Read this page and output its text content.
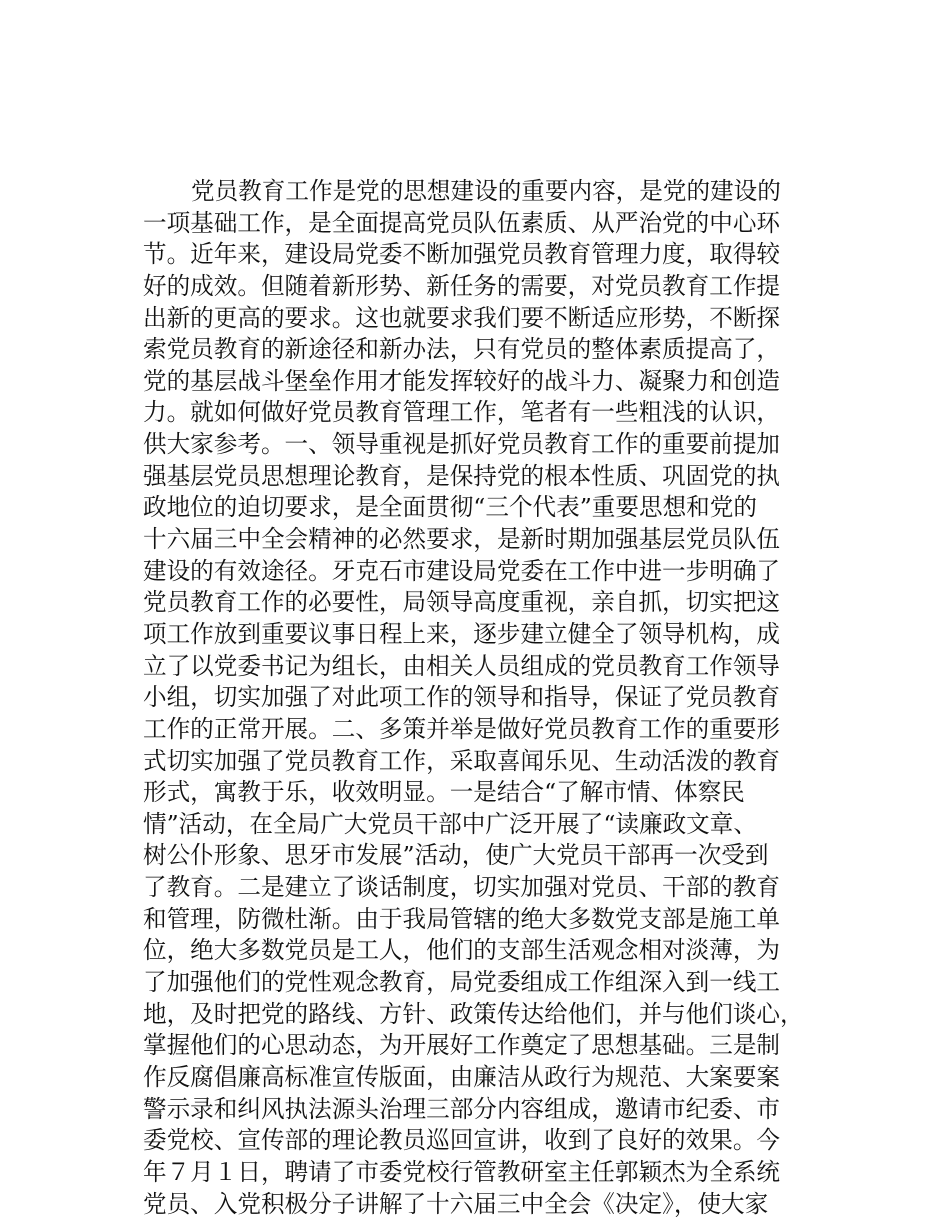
党员教育工作是党的思想建设的重要内容，是党的建设的
一项基础工作，是全面提高党员队伍素质、从严治党的中心环
节。近年来，建设局党委不断加强党员教育管理力度，取得较
好的成效。但随着新形势、新任务的需要，对党员教育工作提
出新的更高的要求。这也就要求我们要不断适应形势，不断探
索党员教育的新途径和新办法，只有党员的整体素质提高了，
党的基层战斗堡垒作用才能发挥较好的战斗力、凝聚力和创造
力。就如何做好党员教育管理工作，笔者有一些粗浅的认识，
供大家参考。一、领导重视是抓好党员教育工作的重要前提加
强基层党员思想理论教育，是保持党的根本性质、巩固党的执
政地位的迫切要求，是全面贯彻“三个代表”重要思想和党的
十六届三中全会精神的必然要求，是新时期加强基层党员队伍
建设的有效途径。牙克石市建设局党委在工作中进一步明确了
党员教育工作的必要性，局领导高度重视，亲自抓，切实把这
项工作放到重要议事日程上来，逐步建立健全了领导机构，成
立了以党委书记为组长，由相关人员组成的党员教育工作领导
小组，切实加强了对此项工作的领导和指导，保证了党员教育
工作的正常开展。二、多策并举是做好党员教育工作的重要形
式切实加强了党员教育工作，采取喜闻乐见、生动活泼的教育
形式，寓教于乐，收效明显。一是结合“了解市情、体察民
情”活动，在全局广大党员干部中广泛开展了“读廉政文章、
树公仆形象、思牙市发展”活动，使广大党员干部再一次受到
了教育。二是建立了谈话制度，切实加强对党员、干部的教育
和管理，防微杜渐。由于我局管辖的绝大多数党支部是施工单
位，绝大多数党员是工人，他们的支部生活观念相对淡薄，为
了加强他们的党性观念教育，局党委组成工作组深入到一线工
地，及时把党的路线、方针、政策传达给他们，并与他们谈心，
掌握他们的心思动态，为开展好工作奠定了思想基础。三是制
作反腐倡廉高标准宣传版面，由廉洁从政行为规范、大案要案
警示录和纠风执法源头治理三部分内容组成，邀请市纪委、市
委党校、宣传部的理论教员巡回宣讲，收到了良好的效果。今
年７月１日，聘请了市委党校行管教研室主任郭颖杰为全系统
党员、入党积极分子讲解了十六届三中全会《决定》，使大家
